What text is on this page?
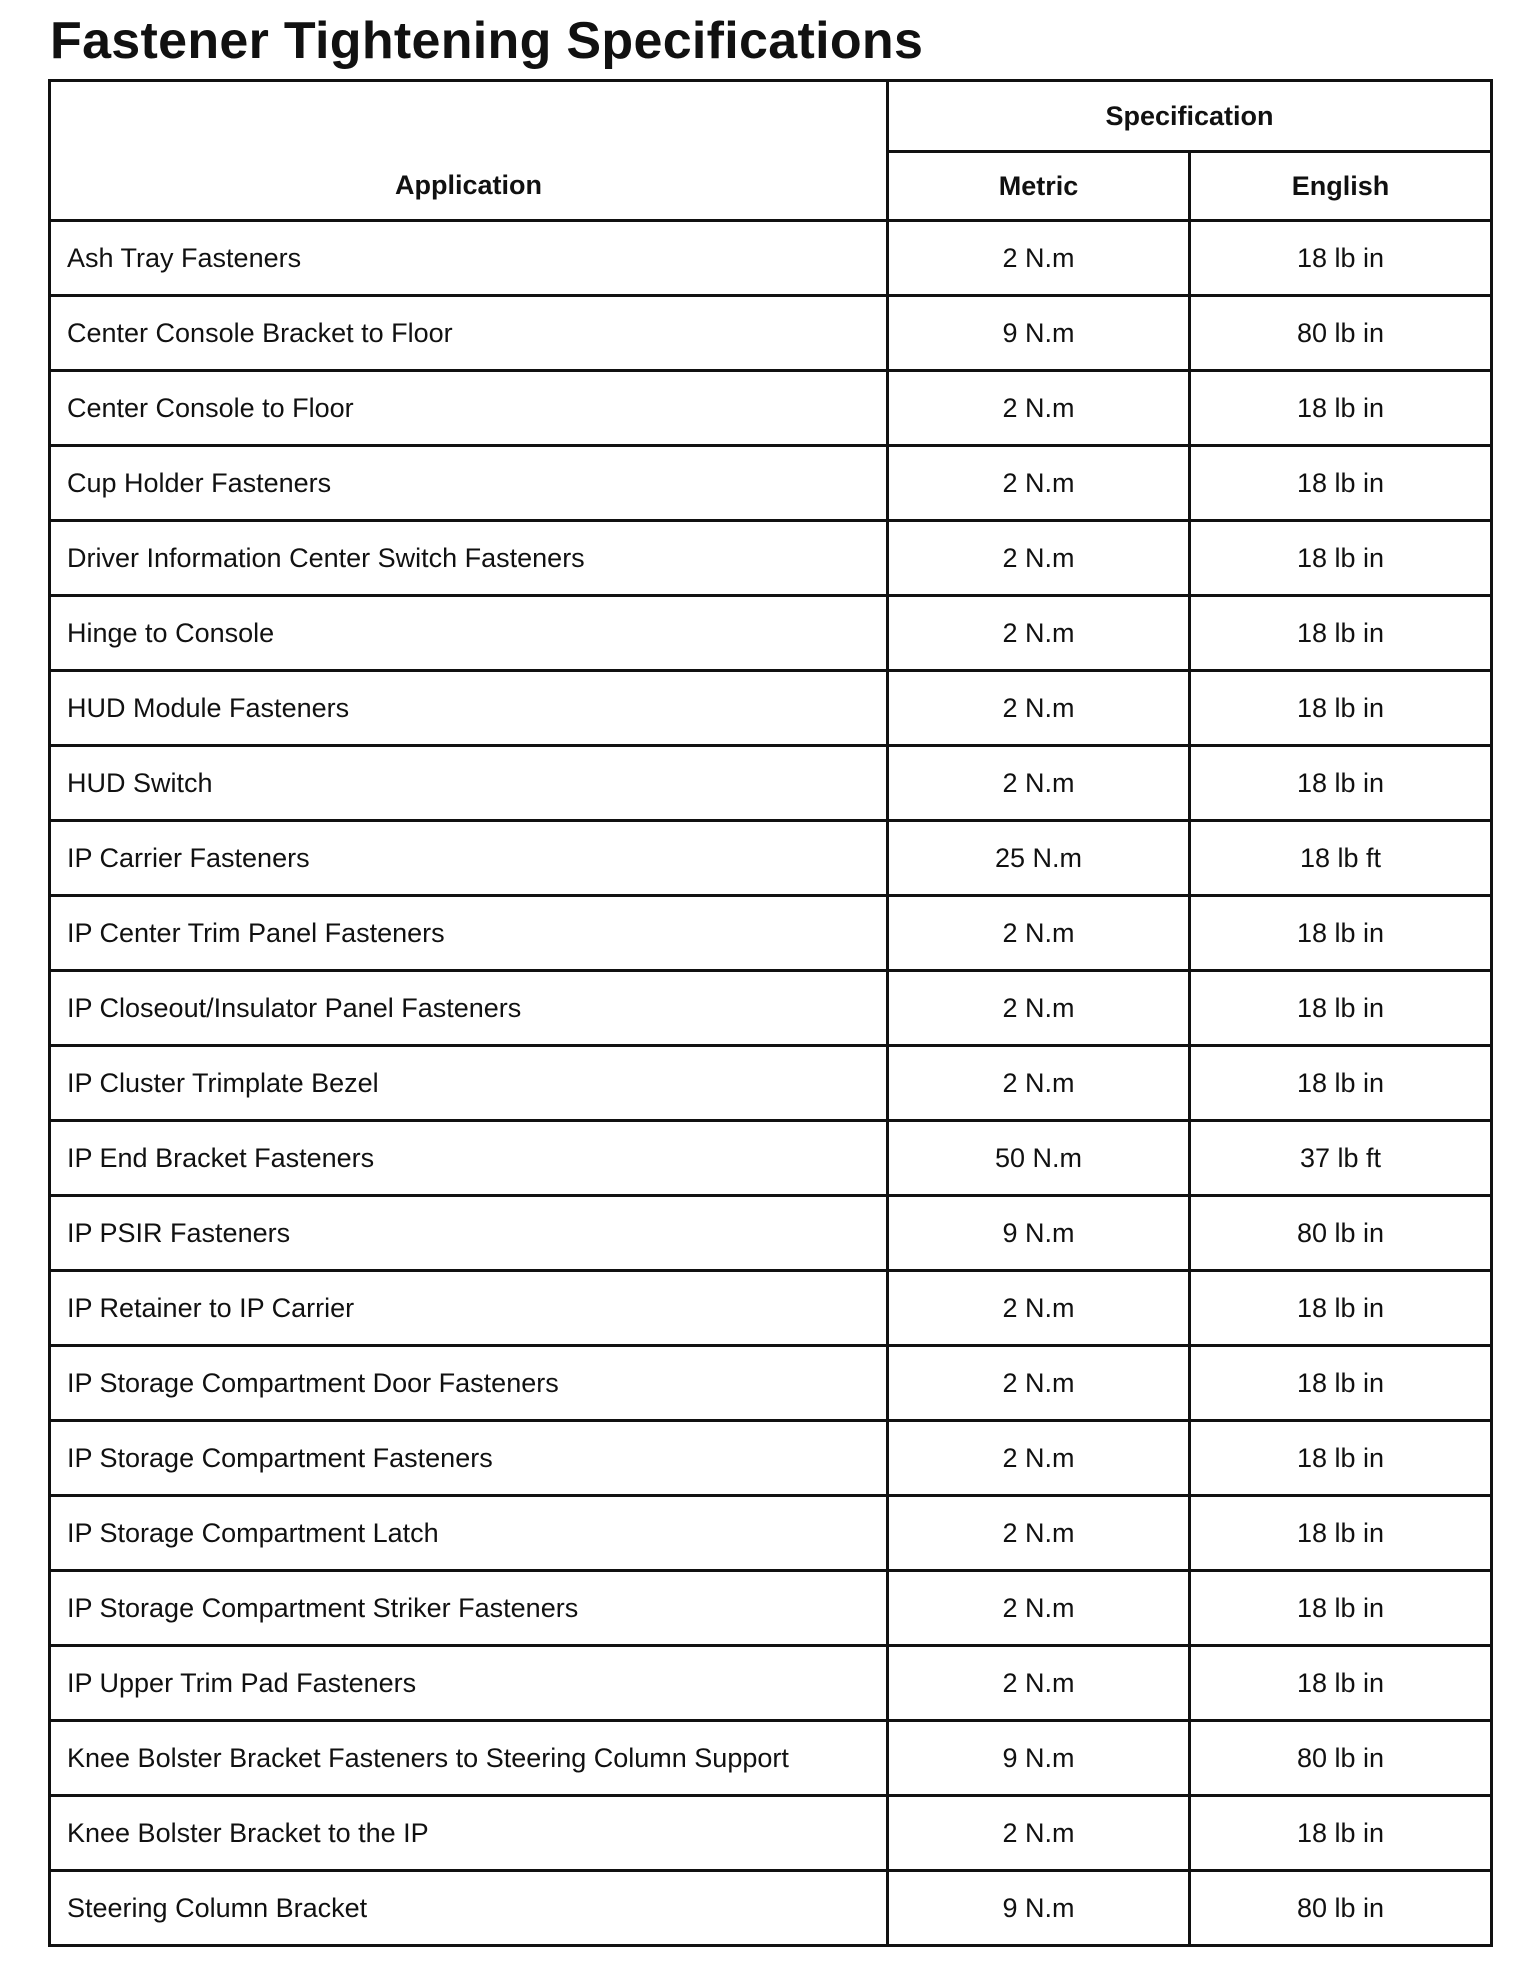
Fastener Tightening Specifications
Application	Specification	
	Metric	English
Ash Tray Fasteners	2 N.m	18 lb in
Center Console Bracket to Floor	9 N.m	80 lb in
Center Console to Floor	2 N.m	18 lb in
Cup Holder Fasteners	2 N.m	18 lb in
Driver Information Center Switch Fasteners	2 N.m	18 lb in
Hinge to Console	2 N.m	18 lb in
HUD Module Fasteners	2 N.m	18 lb in
HUD Switch	2 N.m	18 lb in
IP Carrier Fasteners	25 N.m	18 lb ft
IP Center Trim Panel Fasteners	2 N.m	18 lb in
IP Closeout/Insulator Panel Fasteners	2 N.m	18 lb in
IP Cluster Trimplate Bezel	2 N.m	18 lb in
IP End Bracket Fasteners	50 N.m	37 lb ft
IP PSIR Fasteners	9 N.m	80 lb in
IP Retainer to IP Carrier	2 N.m	18 lb in
IP Storage Compartment Door Fasteners	2 N.m	18 lb in
IP Storage Compartment Fasteners	2 N.m	18 lb in
IP Storage Compartment Latch	2 N.m	18 lb in
IP Storage Compartment Striker Fasteners	2 N.m	18 lb in
IP Upper Trim Pad Fasteners	2 N.m	18 lb in
Knee Bolster Bracket Fasteners to Steering Column Support	9 N.m	80 lb in
Knee Bolster Bracket to the IP	2 N.m	18 lb in
Steering Column Bracket	9 N.m	80 lb in
